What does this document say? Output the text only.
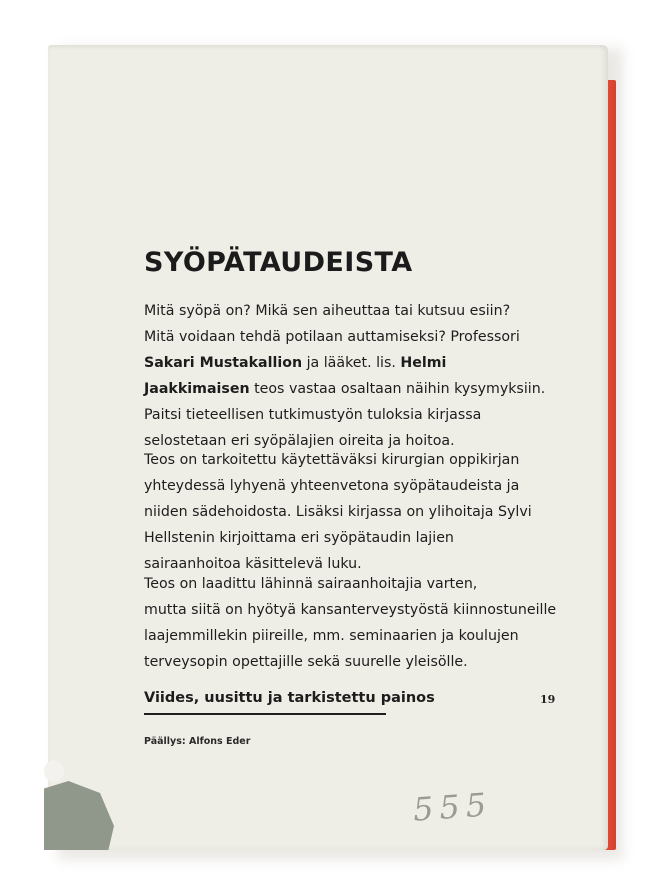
SYÖPÄTAUDEISTA

Mitä syöpä on? Mikä sen aiheuttaa tai kutsuu esiin?
Mitä voidaan tehdä potilaan auttamiseksi? Professori
Sakari Mustakallion ja lääket. lis. Helmi
Jaakkimaisen teos vastaa osaltaan näihin kysymyksiin.
Paitsi tieteellisen tutkimustyön tuloksia kirjassa
selostetaan eri syöpälajien oireita ja hoitoa.

Teos on tarkoitettu käytettäväksi kirurgian oppikirjan
yhteydessä lyhyenä yhteenvetona syöpätaudeista ja
niiden sädehoidosta. Lisäksi kirjassa on ylihoitaja Sylvi
Hellstenin kirjoittama eri syöpätaudin lajien
sairaanhoitoa käsittelevä luku.

Teos on laadittu lähinnä sairaanhoitajia varten,
mutta siitä on hyötyä kansanterveystyöstä kiinnostuneille
laajemmillekin piireille, mm. seminaarien ja koulujen
terveysopin opettajille sekä suurelle yleisölle.

Viides, uusittu ja tarkistettu painos	19
Päällys: Alfons Eder
555
